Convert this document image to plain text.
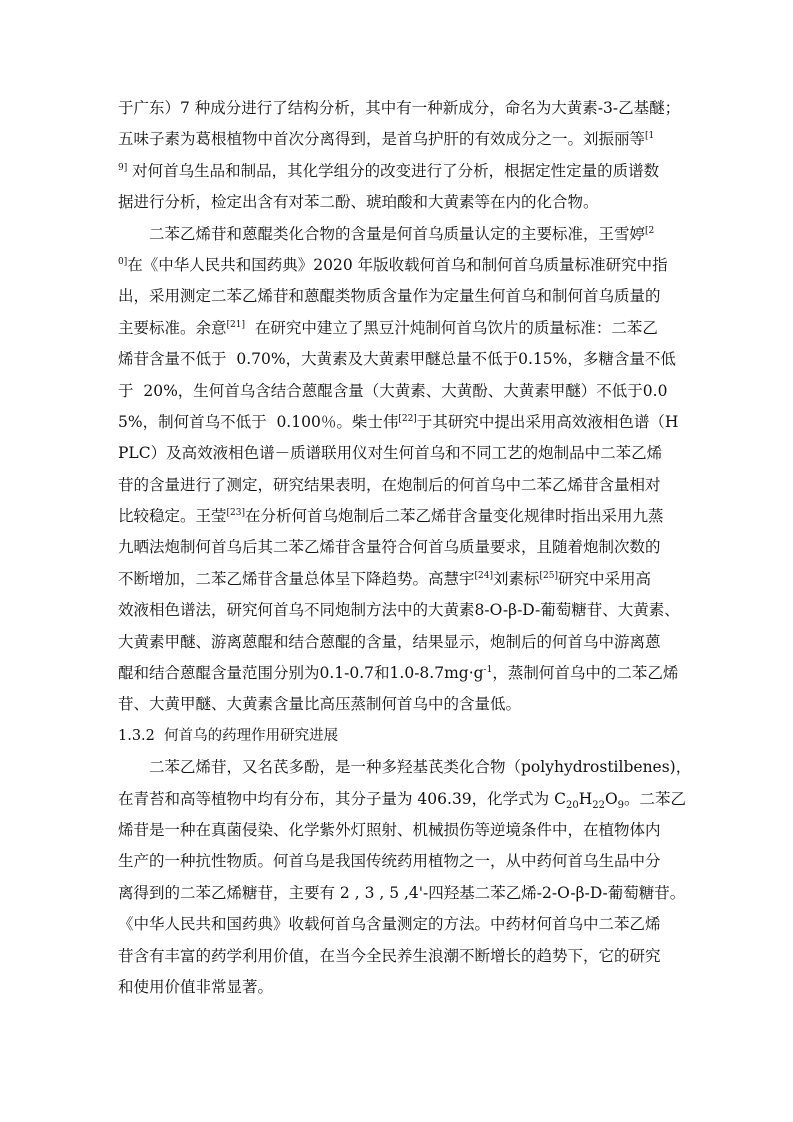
于广东）7 种成分进行了结构分析，其中有一种新成分，命名为大黄素-3-乙基醚；
五味子素为葛根植物中首次分离得到，是首乌护肝的有效成分之一。刘振丽等$^{[1}$
$^{9]}$ 对何首乌生品和制品，其化学组分的改变进行了分析，根据定性定量的质谱数
据进行分析，检定出含有对苯二酚、琥珀酸和大黄素等在内的化合物。
二苯乙烯苷和蒽醌类化合物的含量是何首乌质量认定的主要标准，王雪婷$^{[2}$
$^{0]}$在《中华人民共和国药典》2020 年版收载何首乌和制何首乌质量标准研究中指
出，采用测定二苯乙烯苷和蒽醌类物质含量作为定量生何首乌和制何首乌质量的
主要标准。余意[21]  在研究中建立了黑豆汁炖制何首乌饮片的质量标准：二苯乙
烯苷含量不低于  0.70%，大黄素及大黄素甲醚总量不低于0.15%，多糖含量不低
于  20%，生何首乌含结合蒽醌含量（大黄素、大黄酚、大黄素甲醚）不低于0.0
5%，制何首乌不低于  0.100％。柴士伟[22]于其研究中提出采用高效液相色谱（H
PLC）及高效液相色谱－质谱联用仪对生何首乌和不同工艺的炮制品中二苯乙烯
苷的含量进行了测定，研究结果表明，在炮制后的何首乌中二苯乙烯苷含量相对
比较稳定。王莹[23]在分析何首乌炮制后二苯乙烯苷含量变化规律时指出采用九蒸
九晒法炮制何首乌后其二苯乙烯苷含量符合何首乌质量要求，且随着炮制次数的
不断增加，二苯乙烯苷含量总体呈下降趋势。高慧宇[24]刘素标[25]研究中采用高
效液相色谱法，研究何首乌不同炮制方法中的大黄素8-O-β-D-葡萄糖苷、大黄素、
大黄素甲醚、游离蒽醌和结合蒽醌的含量，结果显示，炮制后的何首乌中游离蒽
醌和结合蒽醌含量范围分别为0.1-0.7和$1.0-8.7mg\cdot g^{-1}$，蒸制何首乌中的二苯乙烯
苷、大黄甲醚、大黄素含量比高压蒸制何首乌中的含量低。
1.3.2  何首乌的药理作用研究进展
二苯乙烯苷，又名芪多酚，是一种多羟基芪类化合物（polyhydrostilbenes)，
在青苔和高等植物中均有分布，其分子量为 406.39，化学式为 $C_{20}H_{22}O_9$。二苯乙
烯苷是一种在真菌侵染、化学紫外灯照射、机械损伤等逆境条件中，在植物体内
生产的一种抗性物质。何首乌是我国传统药用植物之一，从中药何首乌生品中分
离得到的二苯乙烯糖苷，主要有 2 , 3 , 5 ,4'-四羟基二苯乙烯-2-O-β-D-葡萄糖苷。
《中华人民共和国药典》收载何首乌含量测定的方法。中药材何首乌中二苯乙烯
苷含有丰富的药学利用价值，在当今全民养生浪潮不断增长的趋势下，它的研究
和使用价值非常显著。
